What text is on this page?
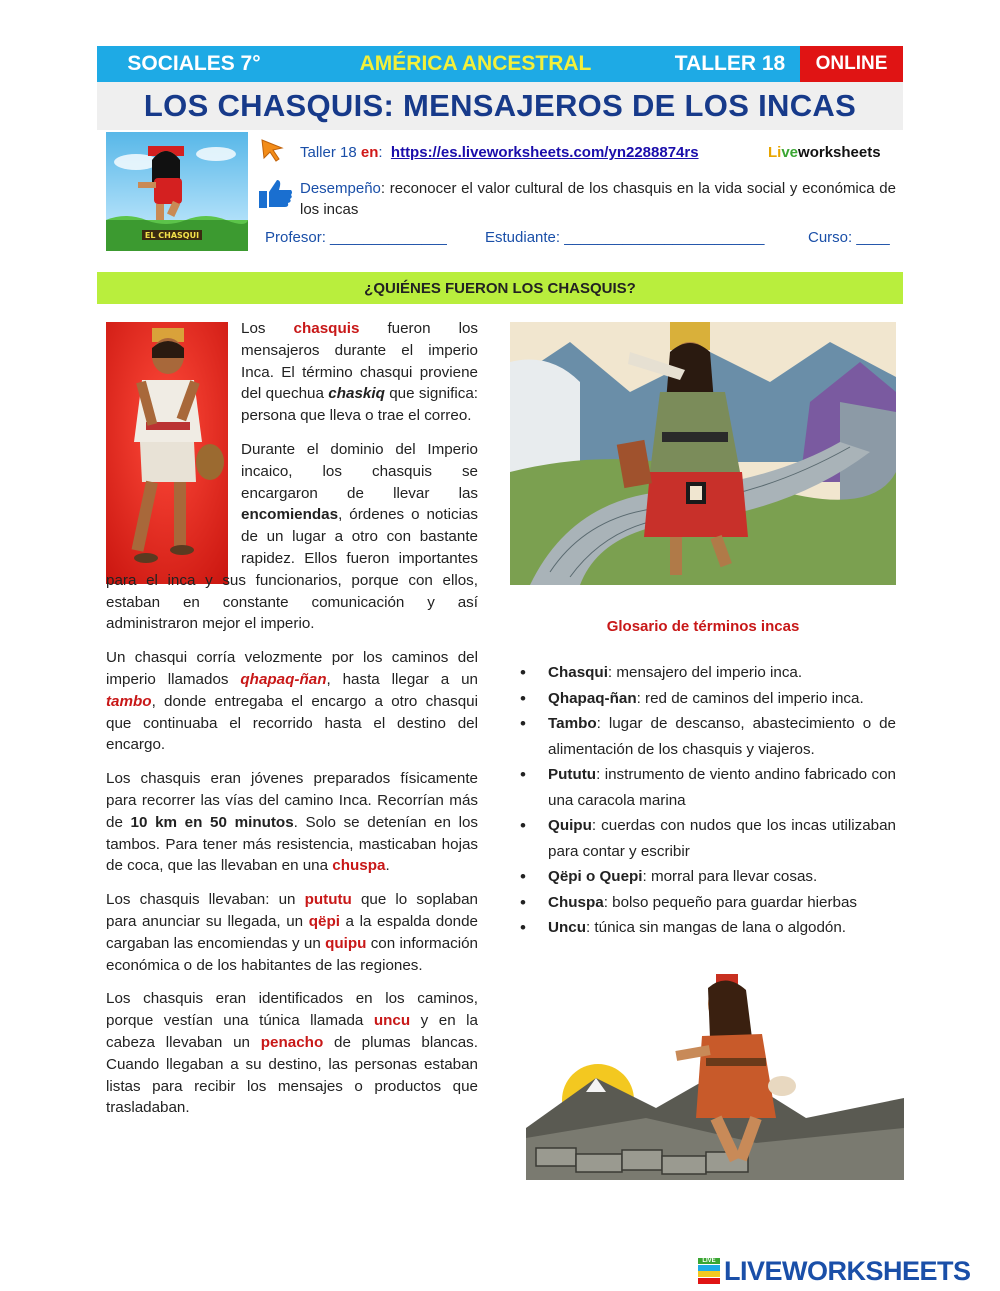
SOCIALES 7°	AMÉRICA ANCESTRAL	TALLER 18	ONLINE
LOS CHASQUIS: MENSAJEROS DE LOS INCAS
EL CHASQUI
Taller 18 en:  https://es.liveworksheets.com/yn2288874rs	Liveworksheets
Desempeño: reconocer el valor cultural de los chasquis en la vida social y económica de los incas
Profesor: ______________	Estudiante: ________________________	Curso: ____
¿QUIÉNES FUERON LOS CHASQUIS?

Los chasquis fueron los mensajeros durante el imperio Inca. El término chasqui proviene del quechua chaskiq que significa: persona que lleva o trae el correo.

Durante el dominio del Imperio incaico, los chasquis se encargaron de llevar las encomiendas, órdenes o noticias de un lugar a otro con bastante rapidez. Ellos fueron importantes para el inca y sus funcionarios, porque con ellos, estaban en constante comunicación y así administraron mejor el imperio.

Un chasqui corría velozmente por los caminos del imperio llamados qhapaq-ñan, hasta llegar a un tambo, donde entregaba el encargo a otro chasqui que continuaba el recorrido hasta el destino del encargo.

Los chasquis eran jóvenes preparados físicamente para recorrer las vías del camino Inca. Recorrían más de 10 km en 50 minutos. Solo se detenían en los tambos. Para tener más resistencia, masticaban hojas de coca, que las llevaban en una chuspa.

Los chasquis llevaban: un pututu que lo soplaban para anunciar su llegada, un qëpi a la espalda donde cargaban las encomiendas y un quipu con información económica o de los habitantes de las regiones.

Los chasquis eran identificados en los caminos, porque vestían una túnica llamada uncu y en la cabeza llevaban un penacho de plumas blancas. Cuando llegaban a su destino, las personas estaban listas para recibir los mensajes o productos que trasladaban.

Glosario de términos incas
• Chasqui: mensajero del imperio inca.
• Qhapaq-ñan: red de caminos del imperio inca.
• Tambo: lugar de descanso, abastecimiento o de alimentación de los chasquis y viajeros.
• Pututu: instrumento de viento andino fabricado con una caracola marina
• Quipu: cuerdas con nudos que los incas utilizaban para contar y escribir
• Qëpi o Quepi: morral para llevar cosas.
• Chuspa: bolso pequeño para guardar hierbas
• Uncu: túnica sin mangas de lana o algodón.
LIVE LIVEWORKSHEETS
